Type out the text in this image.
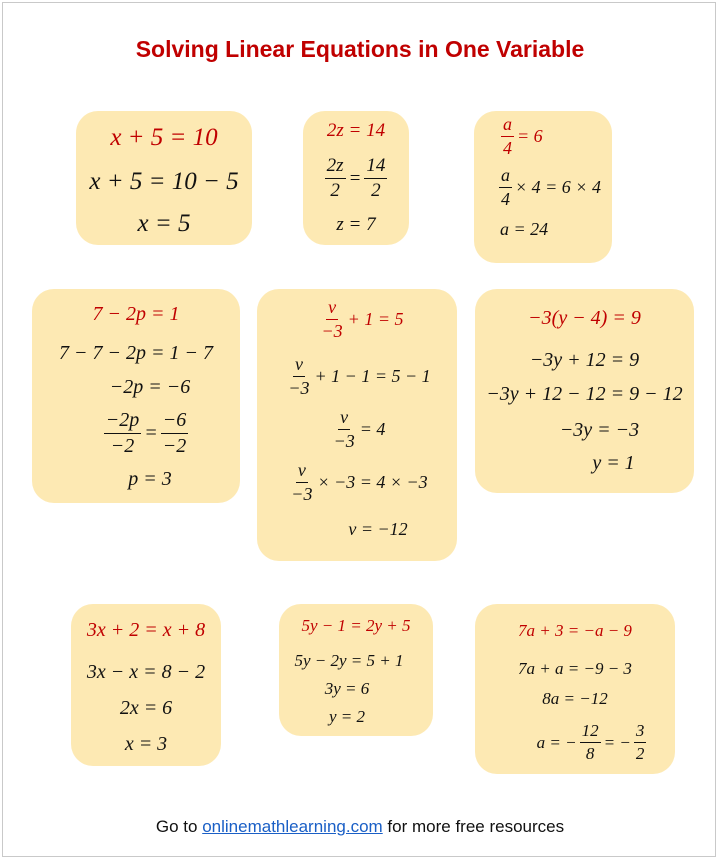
Solving Linear Equations in One Variable
x + 5 = 10
x + 5 = 10 − 5
x = 5
2z = 14
$\frac{2z}{2} = \frac{14}{2}$
z = 7
$\frac{a}{4} = 6$
$\frac{a}{4} \times 4 = 6 \times 4$
a = 24
7 − 2p = 1
7 − 7 − 2p = 1 − 7
−2p = −6
$\frac{-2p}{-2} = \frac{-6}{-2}$
p = 3
$\frac{v}{-3} + 1 = 5$
$\frac{v}{-3} + 1 - 1 = 5 - 1$
$\frac{v}{-3} = 4$
$\frac{v}{-3} \times -3 = 4 \times -3$
v = −12
−3(y − 4) = 9
−3y + 12 = 9
−3y + 12 − 12 = 9 − 12
−3y = −3
y = 1
3x + 2 = x + 8
3x − x = 8 − 2
2x = 6
x = 3
5y − 1 = 2y + 5
5y − 2y = 5 + 1
3y = 6
y = 2
7a + 3 = −a − 9
7a + a = −9 − 3
8a = −12
a = − $\frac{12}{8}$ = − $\frac{3}{2}$
Go to onlinemathlearning.com for more free resources
